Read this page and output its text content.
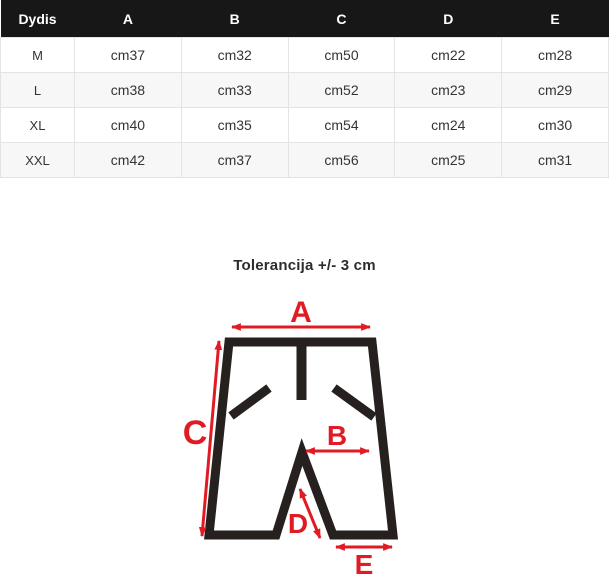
Dydis	A	B	C	D	E
M	cm37	cm32	cm50	cm22	cm28
L	cm38	cm33	cm52	cm23	cm29
XL	cm40	cm35	cm54	cm24	cm30
XXL	cm42	cm37	cm56	cm25	cm31
Tolerancija +/- 3 cm
A
C	B
D
E
